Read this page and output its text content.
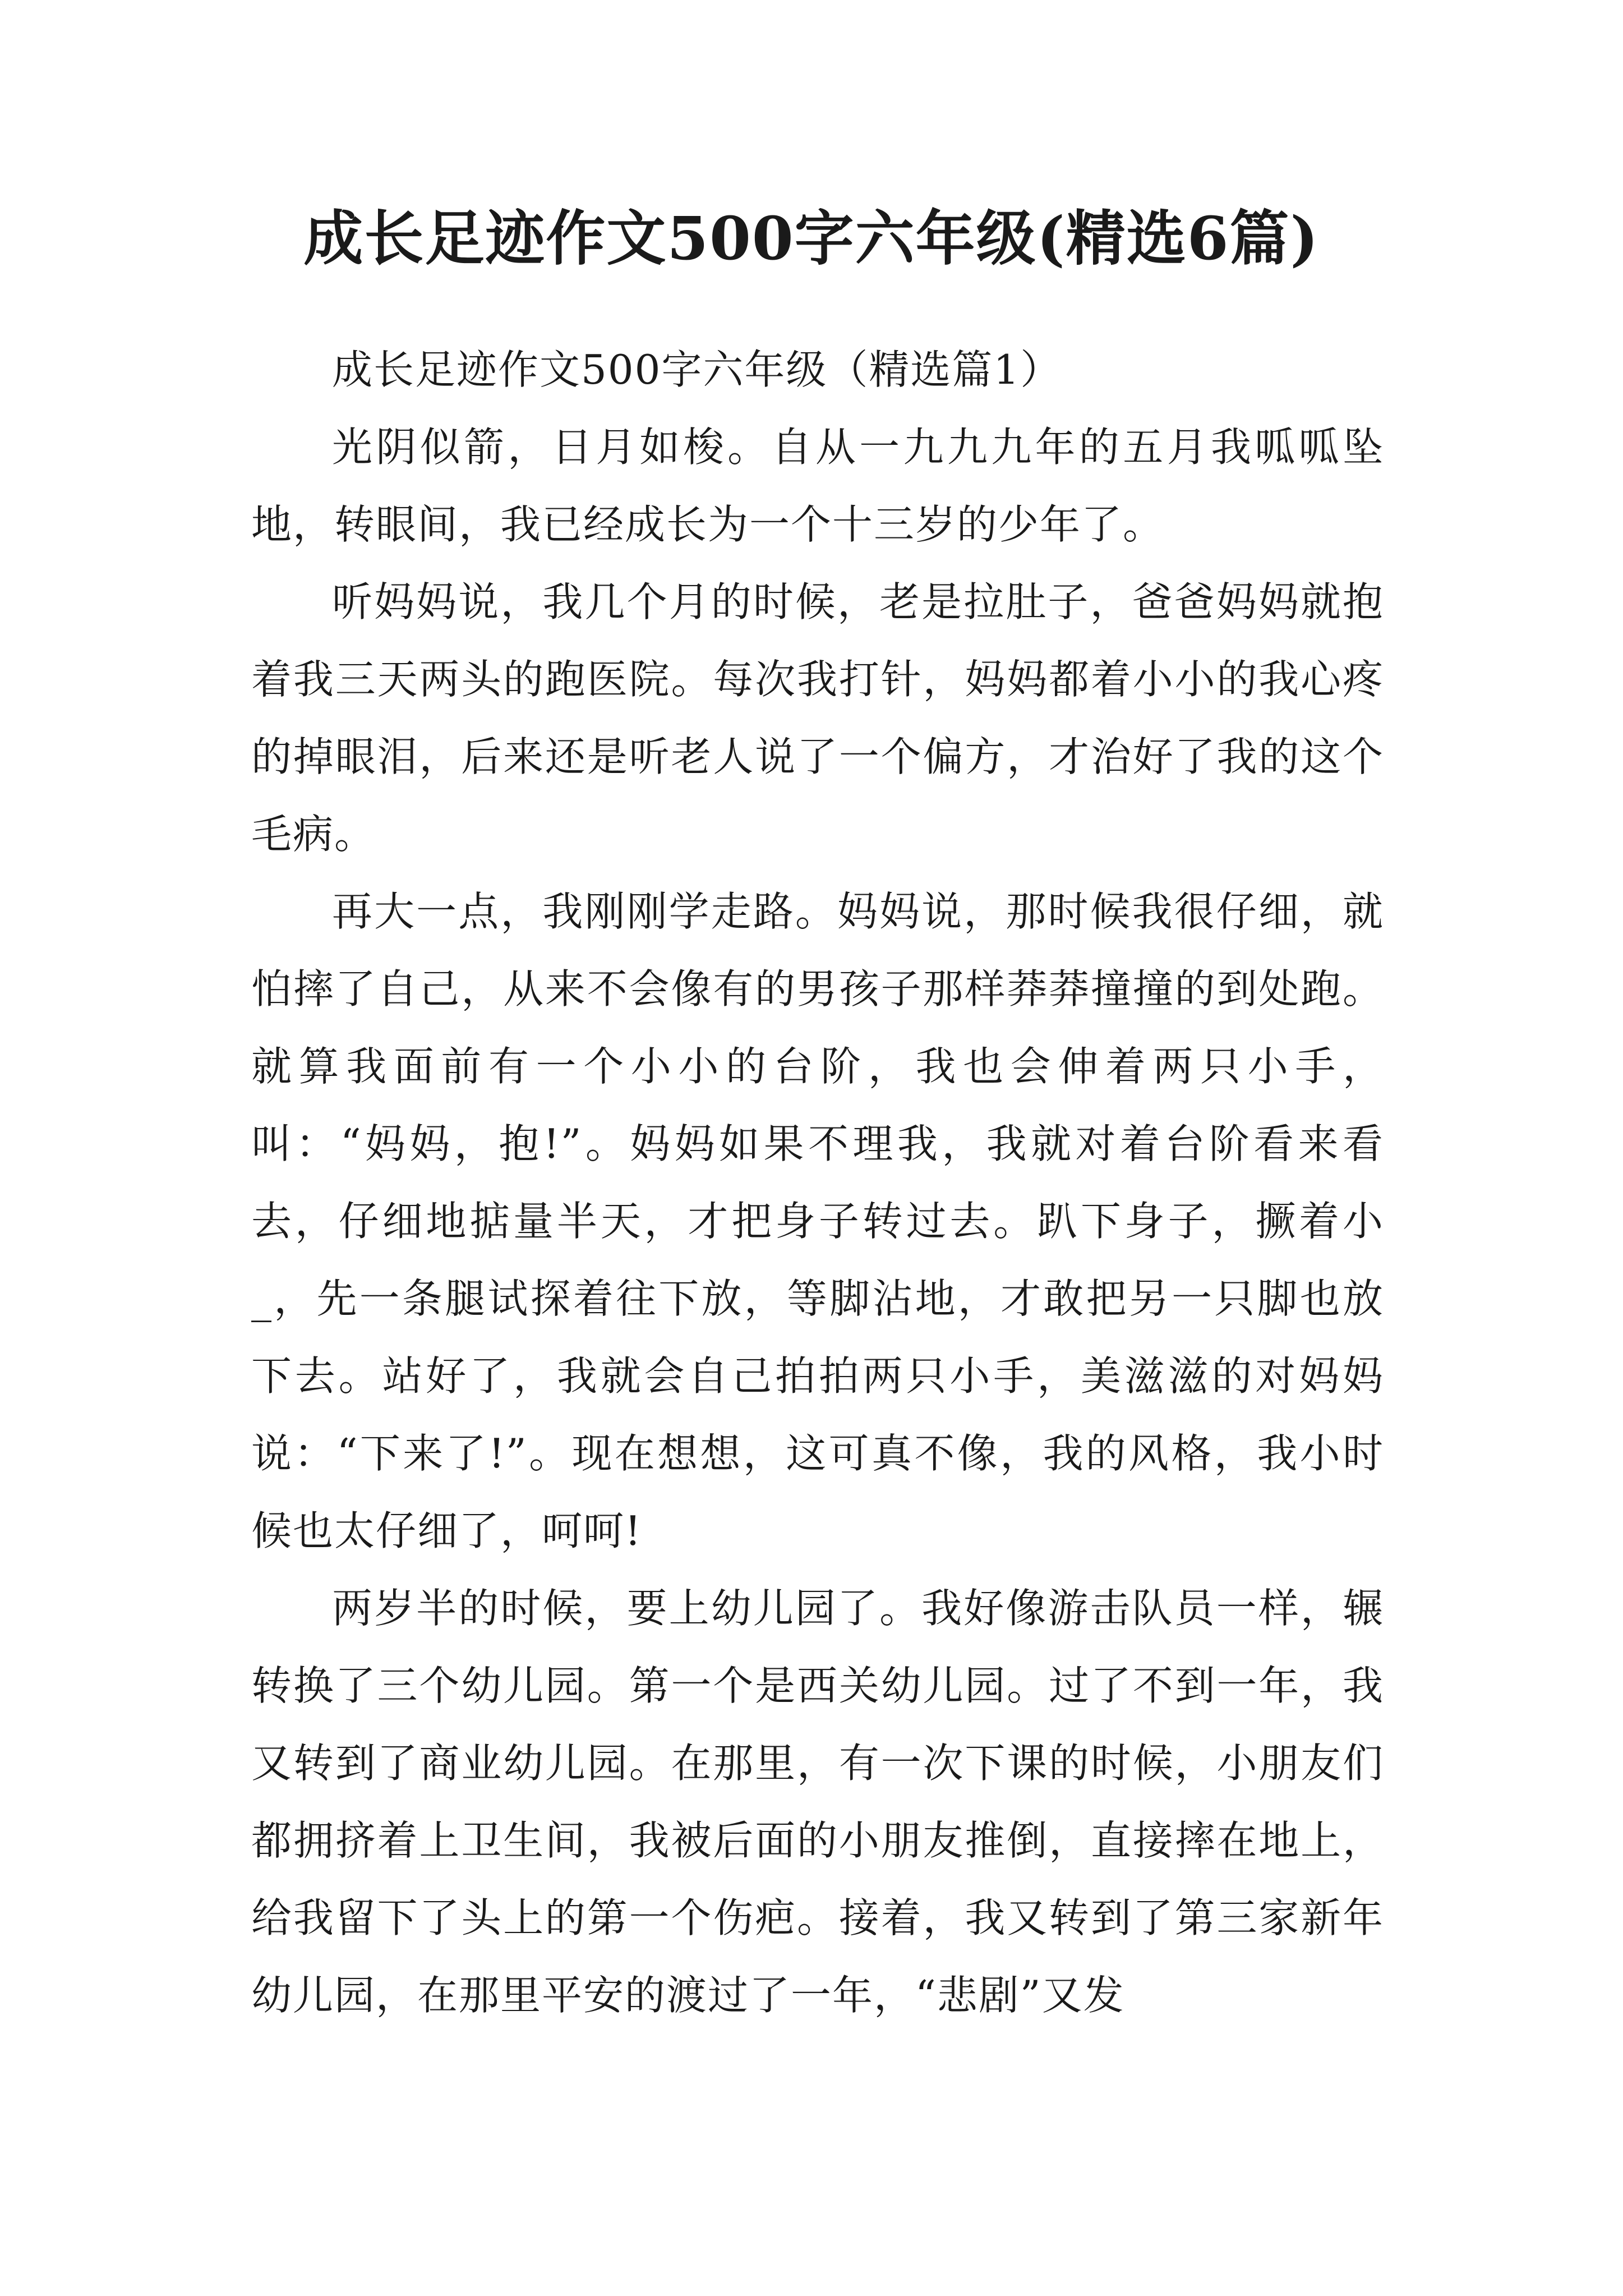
成长足迹作文500字六年级(精选6篇)

成长足迹作文500字六年级（精选篇1）

光阴似箭，日月如梭。自从一九九九年的五月我呱呱坠地，转眼间，我已经成长为一个十三岁的少年了。

听妈妈说，我几个月的时候，老是拉肚子，爸爸妈妈就抱着我三天两头的跑医院。每次我打针，妈妈都着小小的我心疼的掉眼泪，后来还是听老人说了一个偏方，才治好了我的这个毛病。

再大一点，我刚刚学走路。妈妈说，那时候我很仔细，就怕摔了自己，从来不会像有的男孩子那样莽莽撞撞的到处跑。就算我面前有一个小小的台阶，我也会伸着两只小手，叫：“妈妈，抱!”。妈妈如果不理我，我就对着台阶看来看去，仔细地掂量半天，才把身子转过去。趴下身子，撅着小_，先一条腿试探着往下放，等脚沾地，才敢把另一只脚也放下去。站好了，我就会自己拍拍两只小手，美滋滋的对妈妈说：“下来了!”。现在想想，这可真不像，我的风格，我小时候也太仔细了，呵呵!

两岁半的时候，要上幼儿园了。我好像游击队员一样，辗转换了三个幼儿园。第一个是西关幼儿园。过了不到一年，我又转到了商业幼儿园。在那里，有一次下课的时候，小朋友们都拥挤着上卫生间，我被后面的小朋友推倒，直接摔在地上，给我留下了头上的第一个伤疤。接着，我又转到了第三家新年幼儿园，在那里平安的渡过了一年，“悲剧”又发
